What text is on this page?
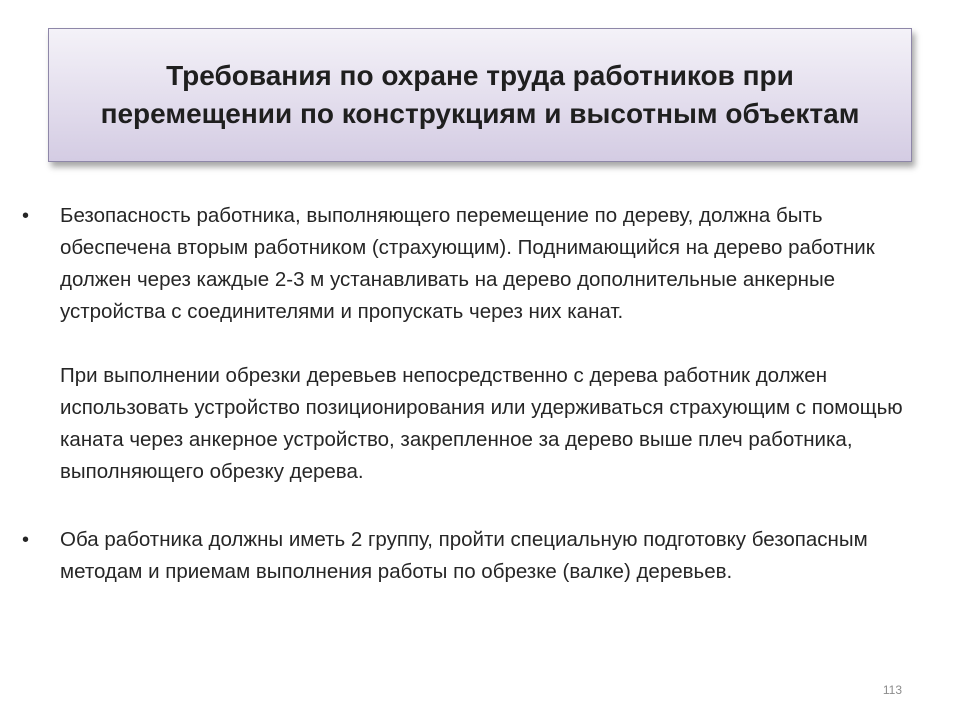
Требования по охране труда работников при перемещении по конструкциям и высотным объектам
• Безопасность работника, выполняющего перемещение по дереву, должна быть обеспечена вторым работником (страхующим). Поднимающийся на дерево работник должен через каждые 2-3 м устанавливать на дерево дополнительные анкерные устройства с соединителями и пропускать через них канат.

При выполнении обрезки деревьев непосредственно с дерева работник должен использовать устройство позиционирования или удерживаться страхующим с помощью каната через анкерное устройство, закрепленное за дерево выше плеч работника, выполняющего обрезку дерева.

• Оба работника должны иметь 2 группу, пройти специальную подготовку безопасным методам и приемам выполнения работы по обрезке (валке) деревьев.

113
